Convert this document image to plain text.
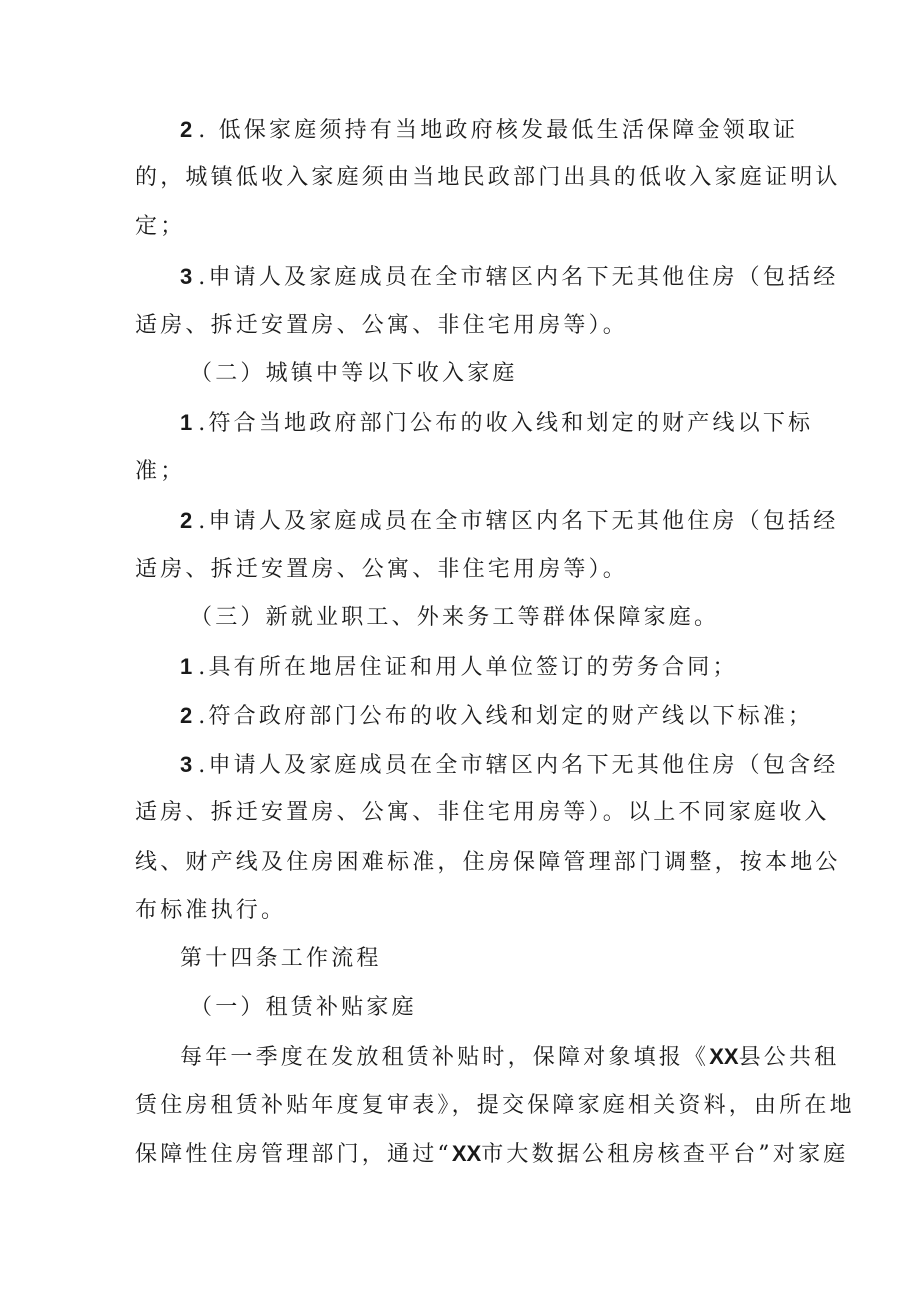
2 . 低保家庭须持有当地政府核发最低生活保障金领取证
的，城镇低收入家庭须由当地民政部门出具的低收入家庭证明认
定；
3 .申请人及家庭成员在全市辖区内名下无其他住房（包括经
适房、拆迁安置房、公寓、非住宅用房等）。
（二）城镇中等以下收入家庭
1 .符合当地政府部门公布的收入线和划定的财产线以下标
准；
2 .申请人及家庭成员在全市辖区内名下无其他住房（包括经
适房、拆迁安置房、公寓、非住宅用房等）。
（三）新就业职工、外来务工等群体保障家庭。
1 .具有所在地居住证和用人单位签订的劳务合同；
2 .符合政府部门公布的收入线和划定的财产线以下标准；
3 .申请人及家庭成员在全市辖区内名下无其他住房（包含经
适房、拆迁安置房、公寓、非住宅用房等）。以上不同家庭收入
线、财产线及住房困难标准，住房保障管理部门调整，按本地公
布标准执行。
第十四条工作流程
（一）租赁补贴家庭
每年一季度在发放租赁补贴时，保障对象填报《XX县公共租
赁住房租赁补贴年度复审表》，提交保障家庭相关资料，由所在地
保障性住房管理部门，通过“XX市大数据公租房核查平台”对家庭
